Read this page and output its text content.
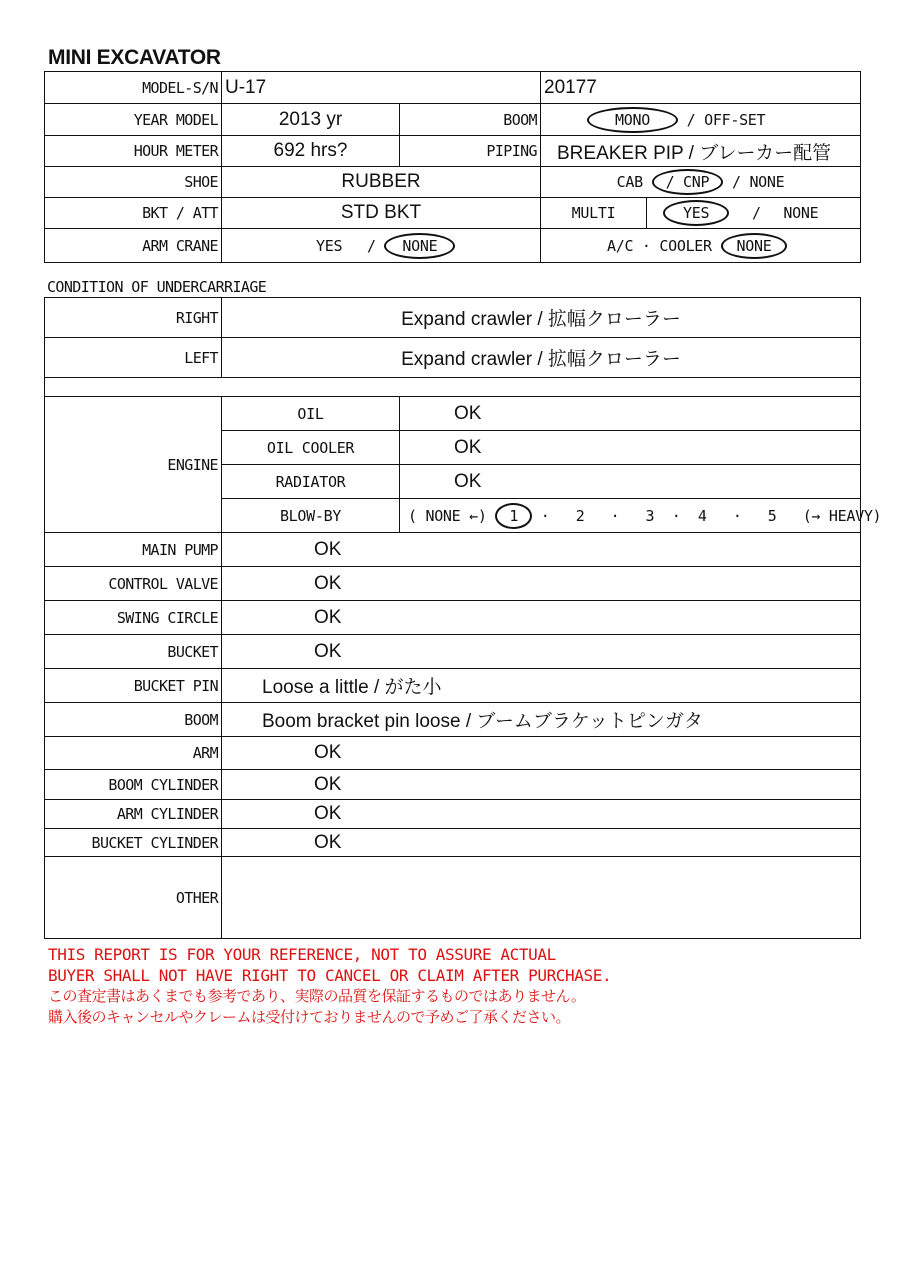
MINI EXCAVATOR
MODEL-S/N	U-17		20177	
YEAR MODEL	2013 yr	BOOM	MONO / OFF-SET	
HOUR METER	692 hrs?	PIPING	BREAKER PIP / ブレーカー配管	
SHOE	RUBBER		CAB / CNP / NONE	
BKT / ATT	STD BKT		MULTI	YES / NONE
ARM CRANE	YES / NONE		A/C · COOLER NONE	
CONDITION OF UNDERCARRIAGE
RIGHT	Expand crawler / 拡幅クローラー	
LEFT	Expand crawler / 拡幅クローラー	

ENGINE	OIL	OK
	OIL COOLER	OK
	RADIATOR	OK
	BLOW-BY	( NONE ←) 1 ·   2   ·   3  ·  4   ·   5   (→ HEAVY)
MAIN PUMP	OK	
CONTROL VALVE	OK	
SWING CIRCLE	OK	
BUCKET	OK	
BUCKET PIN	Loose a little / がた小	
BOOM	Boom bracket pin loose / ブームブラケットピンガタ	
ARM	OK	
BOOM CYLINDER	OK	
ARM CYLINDER	OK	
BUCKET CYLINDER	OK	
OTHER		
THIS REPORT IS FOR YOUR REFERENCE, NOT TO ASSURE ACTUAL
BUYER SHALL NOT HAVE RIGHT TO CANCEL OR CLAIM AFTER PURCHASE.
この査定書はあくまでも参考であり、実際の品質を保証するものではありません。
購入後のキャンセルやクレームは受付けておりませんので予めご了承ください。
